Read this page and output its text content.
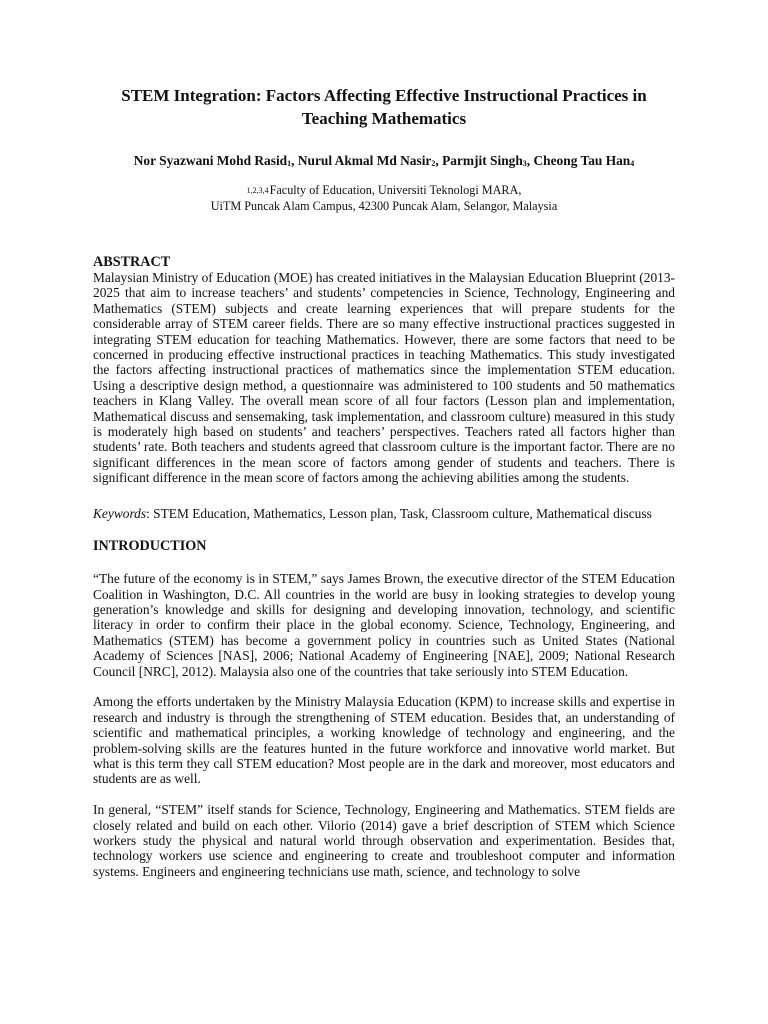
STEM Integration: Factors Affecting Effective Instructional Practices in Teaching Mathematics
Nor Syazwani Mohd Rasid$_1$, Nurul Akmal Md Nasir$_2$, Parmjit Singh$_3$, Cheong Tau Han$_4$
$^{1,2,3,4}$Faculty of Education, Universiti Teknologi MARA,
UiTM Puncak Alam Campus, 42300 Puncak Alam, Selangor, Malaysia
ABSTRACT

Malaysian Ministry of Education (MOE) has created initiatives in the Malaysian Education Blueprint (2013- 2025 that aim to increase teachers’ and students’ competencies in Science, Technology, Engineering and Mathematics (STEM) subjects and create learning experiences that will prepare students for the considerable array of STEM career fields. There are so many effective instructional practices suggested in integrating STEM education for teaching Mathematics. However, there are some factors that need to be concerned in producing effective instructional practices in teaching Mathematics. This study investigated the factors affecting instructional practices of mathematics since the implementation STEM education. Using a descriptive design method, a questionnaire was administered to 100 students and 50 mathematics teachers in Klang Valley. The overall mean score of all four factors (Lesson plan and implementation, Mathematical discuss and sensemaking, task implementation, and classroom culture) measured in this study is moderately high based on students’ and teachers’ perspectives. Teachers rated all factors higher than students’ rate. Both teachers and students agreed that classroom culture is the important factor. There are no significant differences in the mean score of factors among gender of students and teachers. There is significant difference in the mean score of factors among the achieving abilities among the students.

Keywords: STEM Education, Mathematics, Lesson plan, Task, Classroom culture, Mathematical discuss

INTRODUCTION

“The future of the economy is in STEM,” says James Brown, the executive director of the STEM Education Coalition in Washington, D.C. All countries in the world are busy in looking strategies to develop young generation’s knowledge and skills for designing and developing innovation, technology, and scientific literacy in order to confirm their place in the global economy. Science, Technology, Engineering, and Mathematics (STEM) has become a government policy in countries such as United States (National Academy of Sciences [NAS], 2006; National Academy of Engineering [NAE], 2009; National Research Council [NRC], 2012). Malaysia also one of the countries that take seriously into STEM Education.

Among the efforts undertaken by the Ministry Malaysia Education (KPM) to increase skills and expertise in research and industry is through the strengthening of STEM education. Besides that, an understanding of scientific and mathematical principles, a working knowledge of technology and engineering, and the problem-solving skills are the features hunted in the future workforce and innovative world market. But what is this term they call STEM education? Most people are in the dark and moreover, most educators and students are as well.

In general, “STEM” itself stands for Science, Technology, Engineering and Mathematics. STEM fields are closely related and build on each other. Vilorio (2014) gave a brief description of STEM which Science workers study the physical and natural world through observation and experimentation. Besides that, technology workers use science and engineering to create and troubleshoot computer and information systems. Engineers and engineering technicians use math, science, and technology to solve
